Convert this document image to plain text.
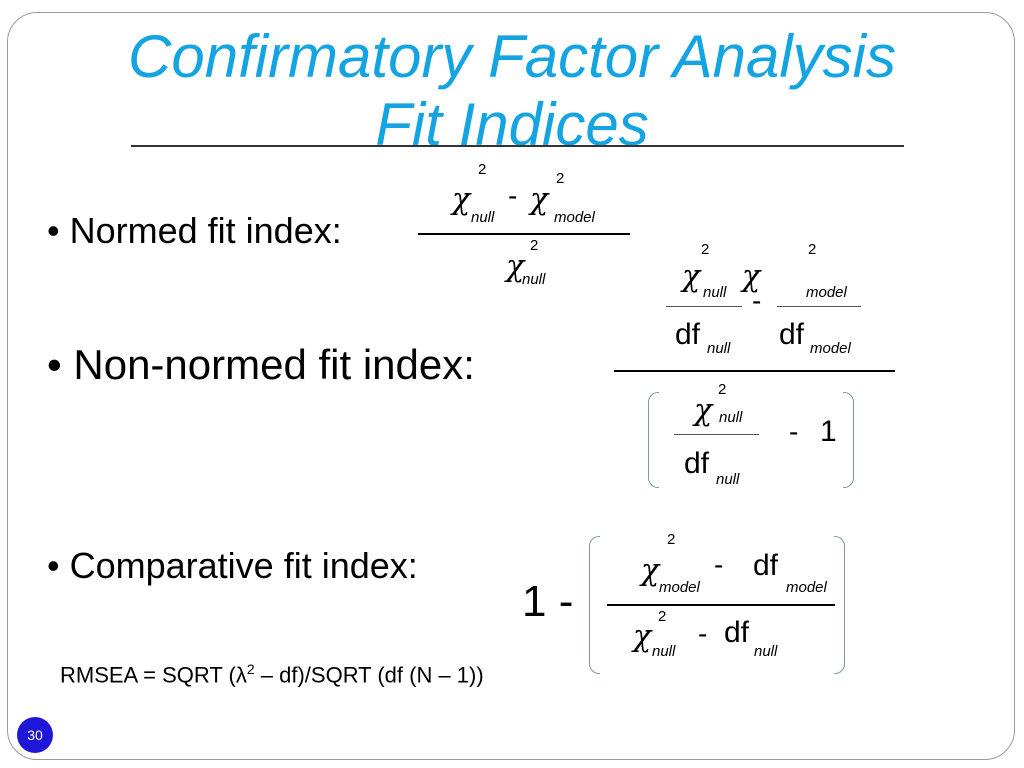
Confirmatory Factor Analysis
Fit Indices
• Normed fit index:
• Non-normed fit index:
• Comparative fit index:
2
χ
null
-
2
χ
model
2
χ
null
2
χ null
2
χ	model
-
df null df model
2
χ null
df null
- 1
1 -
2
χ model
- df
model
2
χ null
- df
null
RMSEA = SQRT ($\lambda^2$ – df)/SQRT (df (N – 1))
30
